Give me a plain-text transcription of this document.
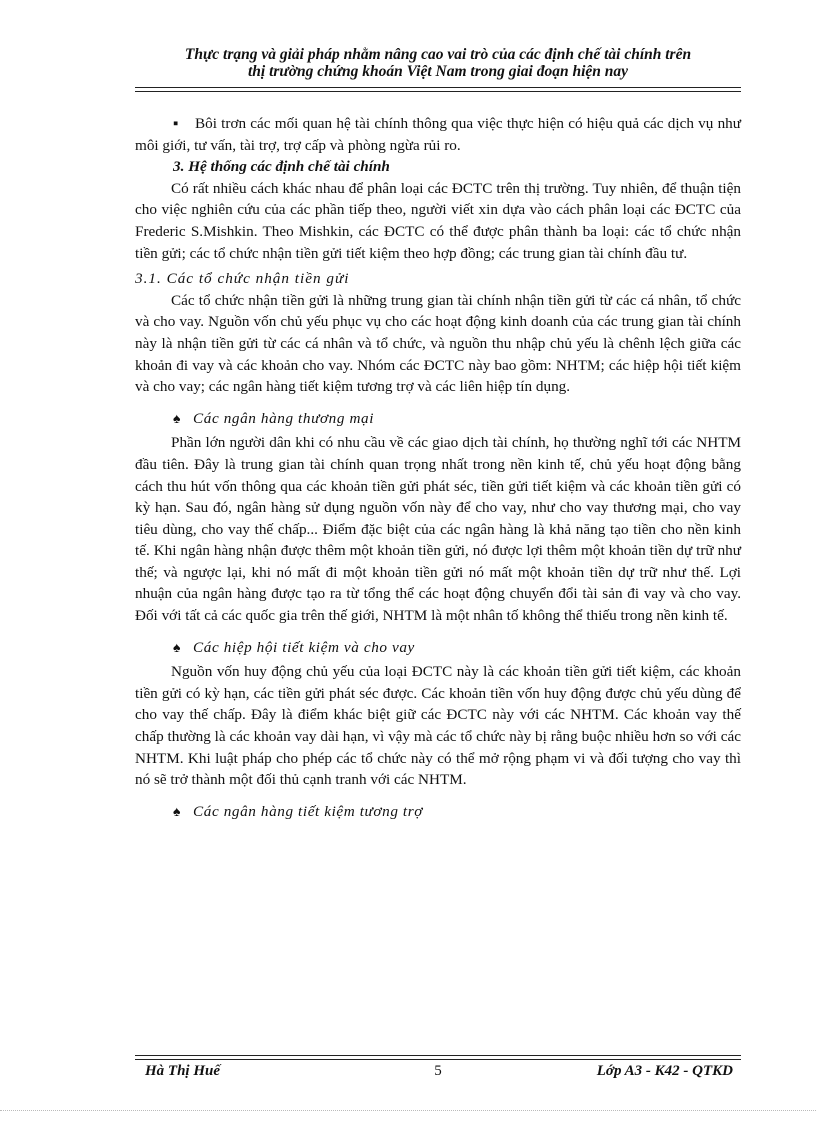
Thực trạng và giải pháp nhằm nâng cao vai trò của các định chế tài chính trên
thị trường chứng khoán Việt Nam trong giai đoạn hiện nay

▪ Bôi trơn các mối quan hệ tài chính thông qua việc thực hiện có hiệu quả các dịch vụ như môi giới, tư vấn, tài trợ, trợ cấp và phòng ngừa rủi ro.

3. Hệ thống các định chế tài chính

Có rất nhiều cách khác nhau để phân loại các ĐCTC trên thị trường. Tuy nhiên, để thuận tiện cho việc nghiên cứu của các phần tiếp theo, người viết xin dựa vào cách phân loại các ĐCTC của Frederic S.Mishkin. Theo Mishkin, các ĐCTC có thể được phân thành ba loại: các tổ chức nhận tiền gửi; các tổ chức nhận tiền gửi tiết kiệm theo hợp đồng; các trung gian tài chính đầu tư.

3.1. Các tổ chức nhận tiền gửi

Các tổ chức nhận tiền gửi là những trung gian tài chính nhận tiền gửi từ các cá nhân, tổ chức và cho vay. Nguồn vốn chủ yếu phục vụ cho các hoạt động kinh doanh của các trung gian tài chính này là nhận tiền gửi từ các cá nhân và tổ chức, và nguồn thu nhập chủ yếu là chênh lệch giữa các khoản đi vay và các khoản cho vay. Nhóm các ĐCTC này bao gồm: NHTM; các hiệp hội tiết kiệm và cho vay; các ngân hàng tiết kiệm tương trợ và các liên hiệp tín dụng.

♠ Các ngân hàng thương mại

Phần lớn người dân khi có nhu cầu về các giao dịch tài chính, họ thường nghĩ tới các NHTM đầu tiên. Đây là trung gian tài chính quan trọng nhất trong nền kinh tế, chủ yếu hoạt động bằng cách thu hút vốn thông qua các khoản tiền gửi phát séc, tiền gửi tiết kiệm và các khoản tiền gửi có kỳ hạn. Sau đó, ngân hàng sử dụng nguồn vốn này để cho vay, như cho vay thương mại, cho vay tiêu dùng, cho vay thế chấp... Điểm đặc biệt của các ngân hàng là khả năng tạo tiền cho nền kinh tế. Khi ngân hàng nhận được thêm một khoản tiền gửi, nó được lợi thêm một khoản tiền dự trữ như thế; và ngược lại, khi nó mất đi một khoản tiền gửi nó mất một khoản tiền dự trữ như thế. Lợi nhuận của ngân hàng được tạo ra từ tổng thể các hoạt động chuyển đổi tài sản đi vay và cho vay. Đối với tất cả các quốc gia trên thế giới, NHTM là một nhân tố không thể thiếu trong nền kinh tế.

♠ Các hiệp hội tiết kiệm và cho vay

Nguồn vốn huy động chủ yếu của loại ĐCTC này là các khoản tiền gửi tiết kiệm, các khoản tiền gửi có kỳ hạn, các tiền gửi phát séc được. Các khoản tiền vốn huy động được chủ yếu dùng để cho vay thế chấp. Đây là điểm khác biệt giữ các ĐCTC này với các NHTM. Các khoản vay thế chấp thường là các khoản vay dài hạn, vì vậy mà các tổ chức này bị rằng buộc nhiều hơn so với các NHTM. Khi luật pháp cho phép các tổ chức này có thể mở rộng phạm vi và đối tượng cho vay thì nó sẽ trở thành một đối thủ cạnh tranh với các NHTM.

♠ Các ngân hàng tiết kiệm tương trợ

Hà Thị Huế	5	Lớp A3 - K42 - QTKD
